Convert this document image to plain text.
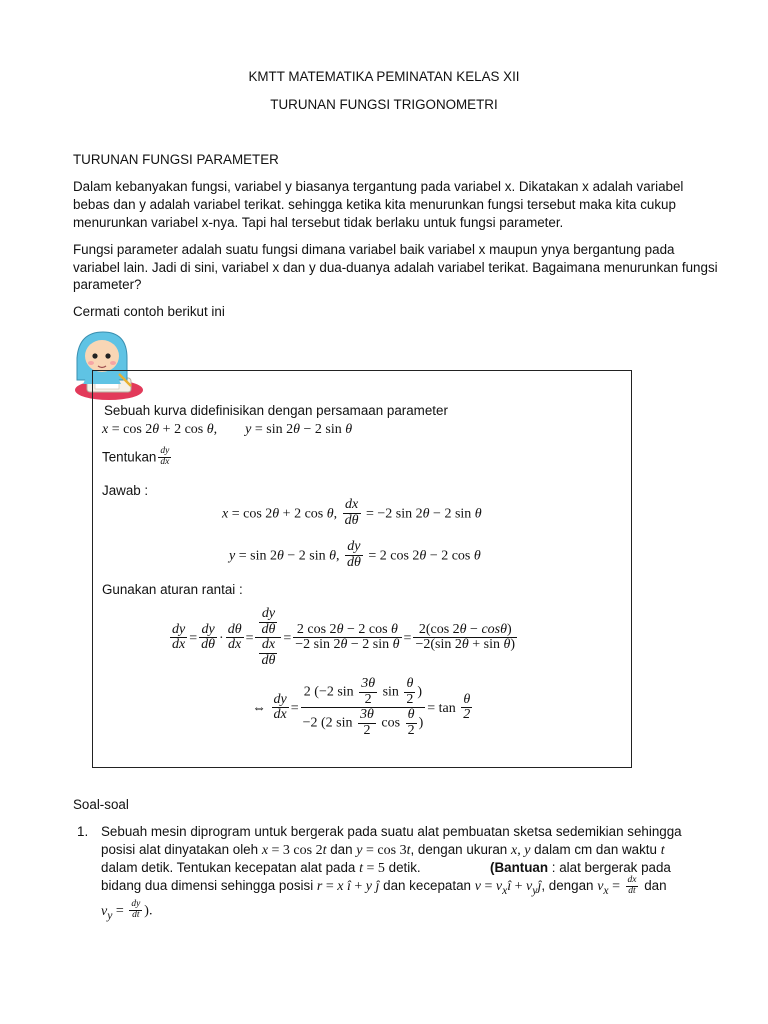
KMTT MATEMATIKA PEMINATAN KELAS XII
TURUNAN FUNGSI TRIGONOMETRI
TURUNAN FUNGSI PARAMETER
Dalam kebanyakan fungsi, variabel y biasanya tergantung pada variabel x. Dikatakan x adalah variabel
bebas dan y adalah variabel terikat. sehingga ketika kita menurunkan fungsi tersebut maka kita cukup
menurunkan variabel x-nya. Tapi hal tersebut tidak berlaku untuk fungsi parameter.
Fungsi parameter adalah suatu fungsi dimana variabel baik variabel x maupun ynya bergantung pada
variabel lain. Jadi di sini, variabel x dan y dua-duanya adalah variabel terikat. Bagaimana menurunkan fungsi
parameter?
Cermati contoh berikut ini
Sebuah kurva didefinisikan dengan persamaan parameter
x = cos 2θ + 2 cos θ,        y = sin 2θ − 2 sin θ
Tentukan $\frac{dy}{dx}$
Jawab :
x = cos 2θ + 2 cos θ, $\frac{dx}{d\theta} = -2$ sin 2θ − 2 sin θ
y = sin 2θ − 2 sin θ, $\frac{dy}{d\theta} = 2$ cos 2θ − 2 cos θ
Gunakan aturan rantai :
$\frac{dy}{dx} = \frac{dy}{d\theta} \cdot \frac{d\theta}{dx} = \frac{\frac{dy}{d\theta}}{\frac{dx}{d\theta}} = \frac{\text{2 cos 2θ − 2 cos θ}}{\text{−2 sin 2θ − 2 sin θ}} = \frac{2(\cos 2\theta - \cos\theta)}{\text{−2(sin 2θ + sin θ)}}$
⇔ $\frac{dy}{dx} = \frac{2 (-2 \sin \frac{3\theta}{2} \sin \frac{\theta}{2} )}{-2 (2 \sin \frac{3\theta}{2} \cos \frac{\theta}{2} )} = \tan \frac{\theta}{2}$
Soal-soal
1. Sebuah mesin diprogram untuk bergerak pada suatu alat pembuatan sketsa sedemikian sehingga
posisi alat dinyatakan oleh x = 3 cos 2t dan y = cos 3t, dengan ukuran x, y dalam cm dan waktu t
dalam detik. Tentukan kecepatan alat pada t = 5 detik.	(Bantuan : alat bergerak pada
bidang dua dimensi sehingga posisi r = x î + y ĵ dan kecepatan $v = v_xî$ + $v_yĵ$, dengan $v_x = \frac{dx}{dt}$ dan
$v_y = \frac{dy}{dt}$ ).
